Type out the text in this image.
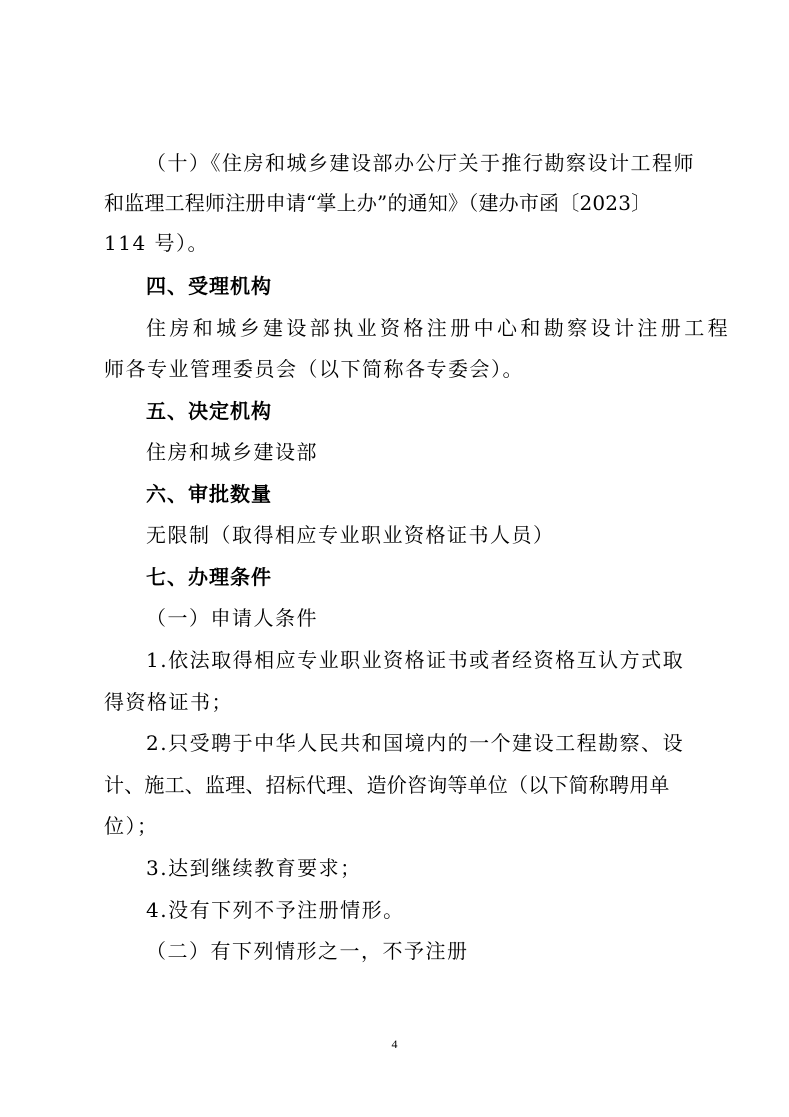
（十）《住房和城乡建设部办公厅关于推行勘察设计工程师

和监理工程师注册申请“掌上办”的通知》（建办市函〔2023〕

114 号）。

四、受理机构

住房和城乡建设部执业资格注册中心和勘察设计注册工程

师各专业管理委员会（以下简称各专委会）。

五、决定机构

住房和城乡建设部

六、审批数量

无限制（取得相应专业职业资格证书人员）

七、办理条件

（一）申请人条件

1.依法取得相应专业职业资格证书或者经资格互认方式取

得资格证书；

2.只受聘于中华人民共和国境内的一个建设工程勘察、设

计、施工、监理、招标代理、造价咨询等单位（以下简称聘用单

位）；

3.达到继续教育要求；

4.没有下列不予注册情形。

（二）有下列情形之一，不予注册

4
